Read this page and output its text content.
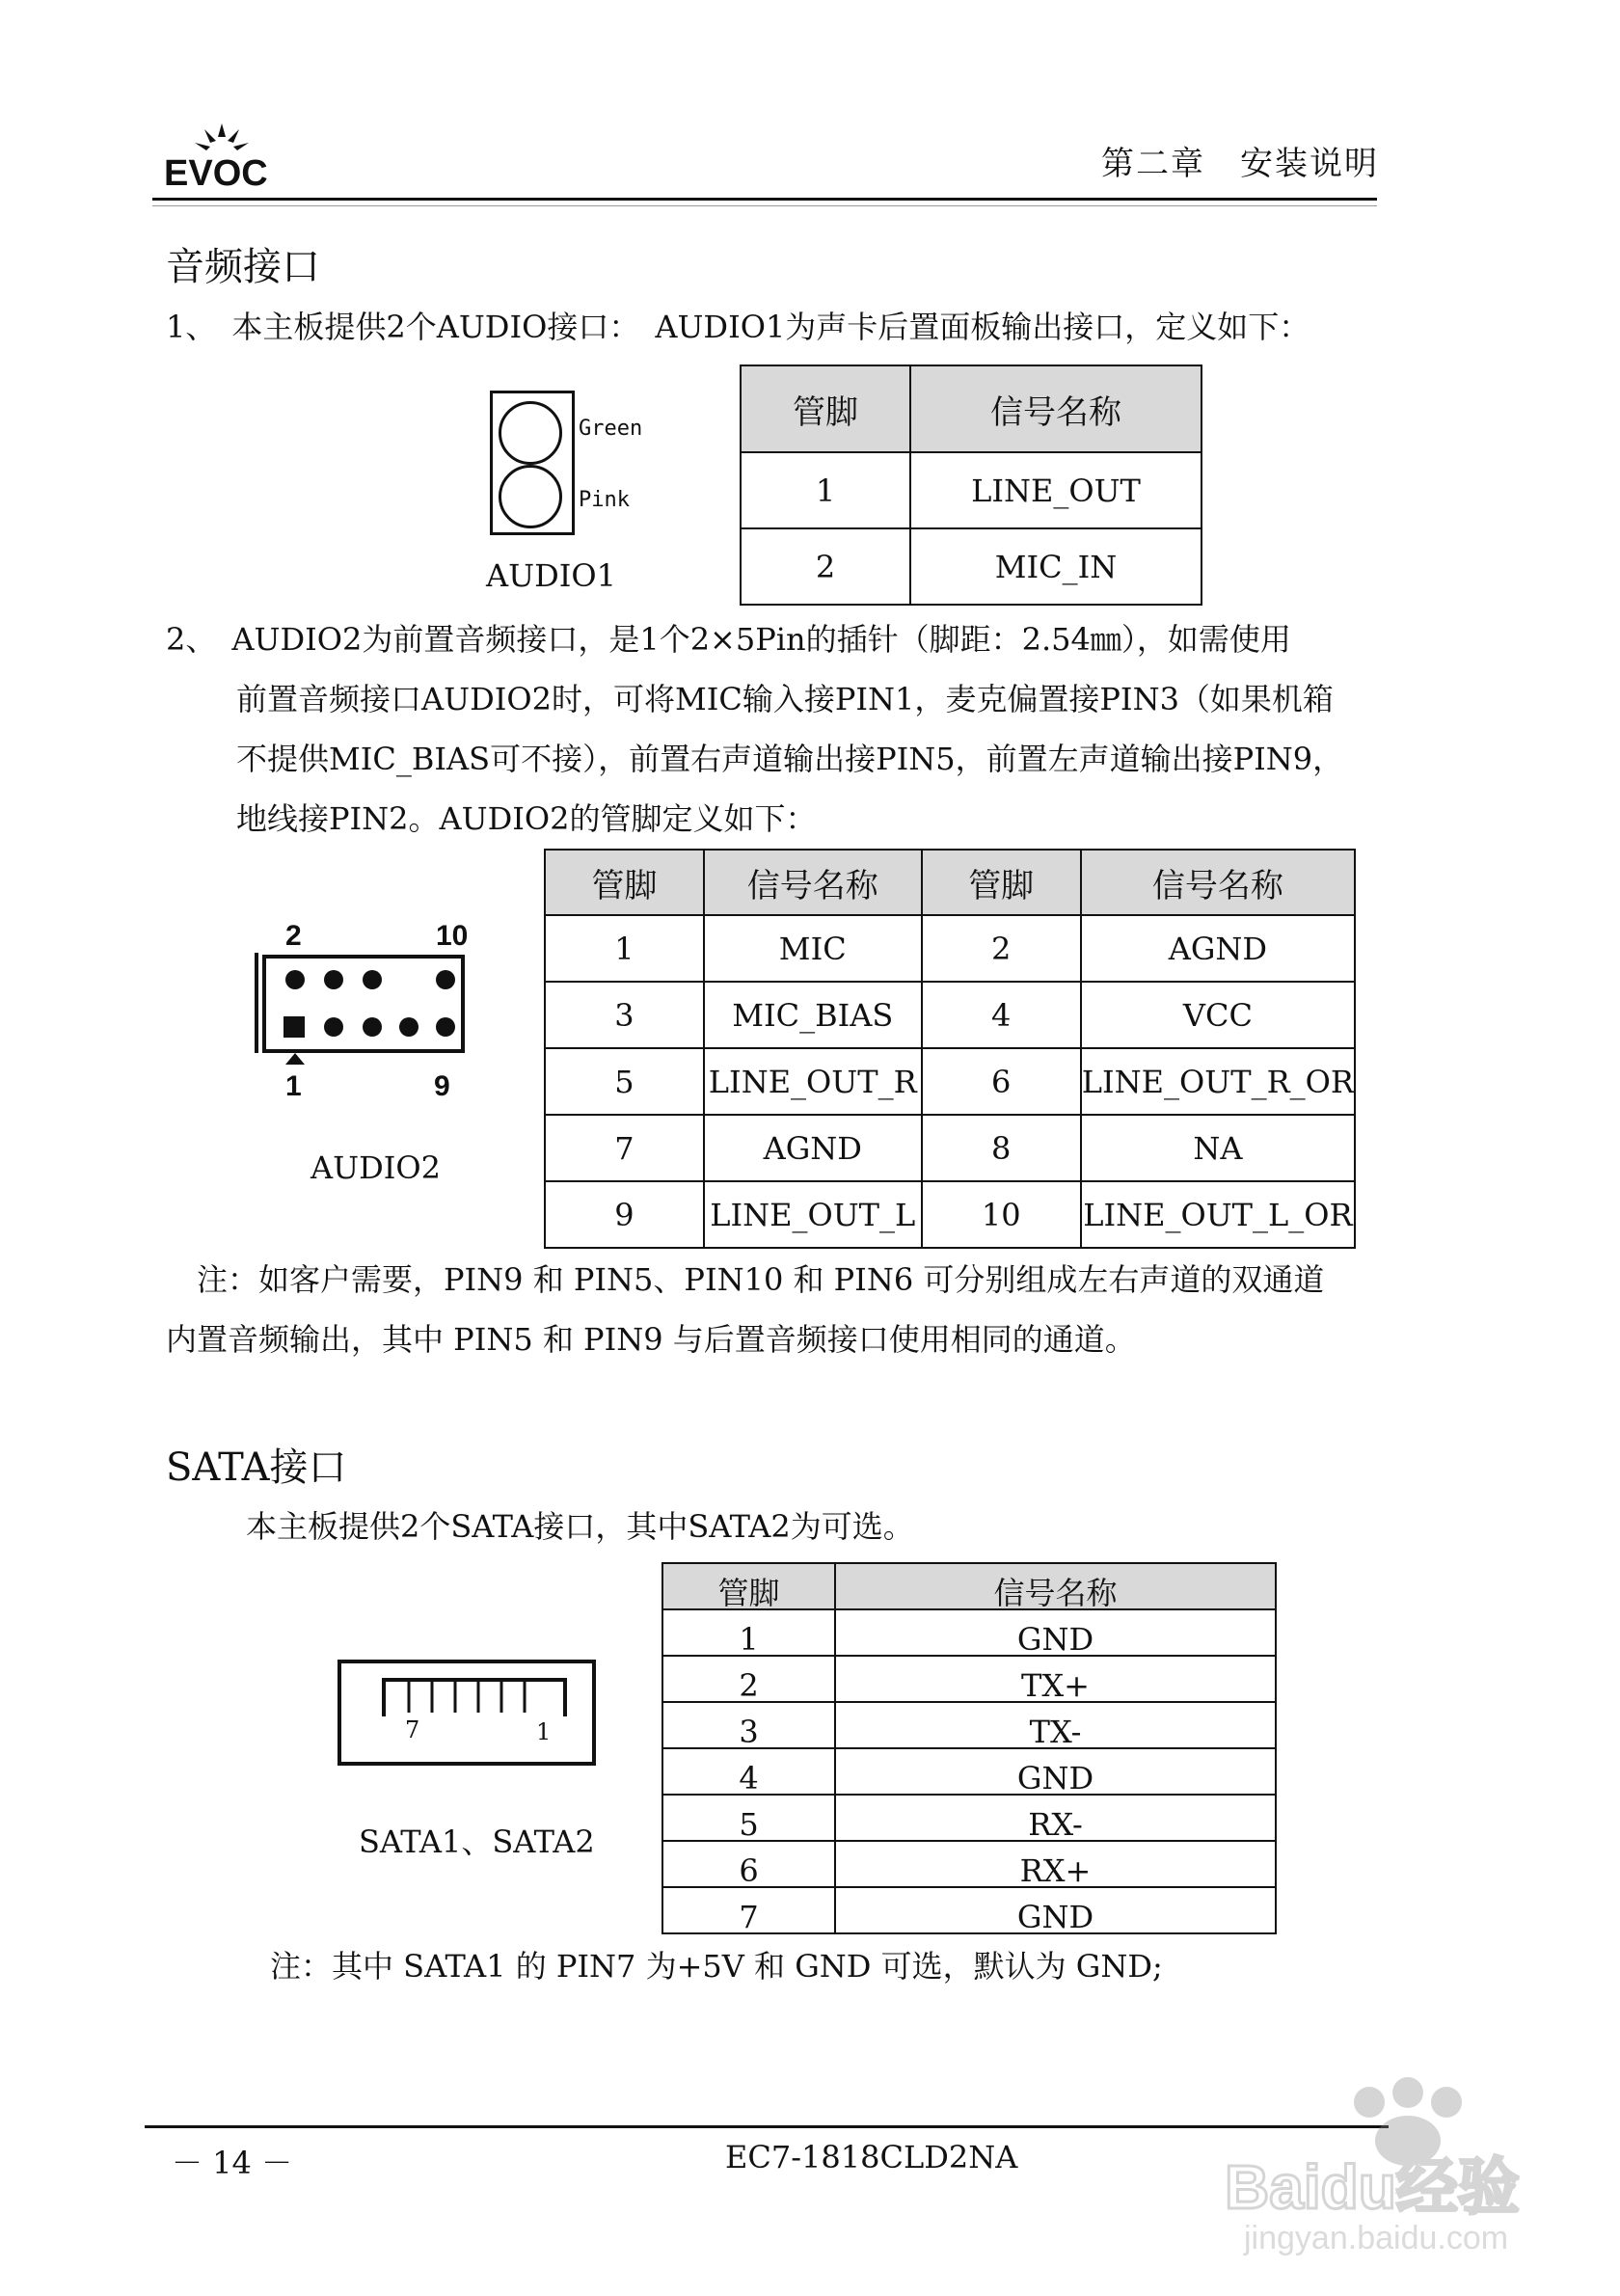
EVOC	第二章　安装说明
音频接口
1、　本主板提供2个AUDIO接口：　AUDIO1为声卡后置面板输出接口，定义如下：
Green
Pink
AUDIO1
管脚	信号名称
1	LINE_OUT
2	MIC_IN
2、　AUDIO2为前置音频接口，是1个2×5Pin的插针（脚距：2.54㎜），如需使用
前置音频接口AUDIO2时，可将MIC输入接PIN1，麦克偏置接PIN3（如果机箱
不提供MIC_BIAS可不接），前置右声道输出接PIN5，前置左声道输出接PIN9，
地线接PIN2。AUDIO2的管脚定义如下：
2	10
1	9
AUDIO2
管脚	信号名称	管脚	信号名称
1	MIC	2	AGND
3	MIC_BIAS	4	VCC
5	LINE_OUT_R	6	LINE_OUT_R_OR
7	AGND	8	NA
9	LINE_OUT_L	10	LINE_OUT_L_OR
　注：如客户需要，PIN9 和 PIN5、PIN10 和 PIN6 可分别组成左右声道的双通道
内置音频输出，其中 PIN5 和 PIN9 与后置音频接口使用相同的通道。
SATA接口
本主板提供2个SATA接口，其中SATA2为可选。
7	1
SATA1、SATA2
管脚	信号名称
1	GND
2	TX+
3	TX-
4	GND
5	RX-
6	RX+
7	GND
注：其中 SATA1 的 PIN7 为+5V 和 GND 可选，默认为 GND;
－ 14 －	EC7-1818CLD2NA	Baidu经验
jingyan.baidu.com
